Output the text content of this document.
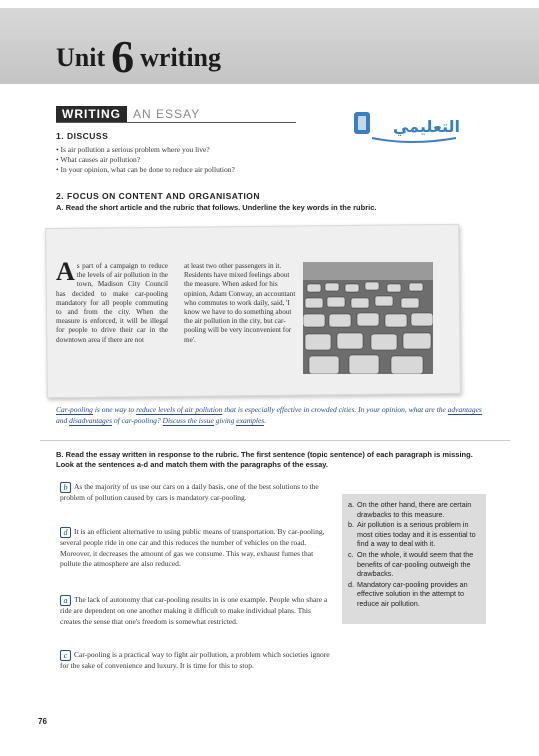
Unit 6 writing
WRITING	AN ESSAY
التعليمي
1. DISCUSS
• Is air pollution a serious problem where you live?
• What causes air pollution?
• In your opinion, what can be done to reduce air pollution?
2. FOCUS ON CONTENT AND ORGANISATION
A. Read the short article and the rubric that follows. Underline the key words in the rubric.
As part of a campaign to reduce the levels of air pollution in the town, Madison City Council has decided to make car-pooling mandatory for all people commuting to and from the city. When the measure is enforced, it will be illegal for people to drive their car in the downtown area if there are not
at least two other passengers in it. Residents have mixed feelings about the measure. When asked for his opinion, Adam Conway, an accountant who commutes to work daily, said, 'I know we have to do something about the air pollution in the city, but car-pooling will be very inconvenient for me'.
Car-pooling is one way to reduce levels of air pollution that is especially effective in crowded cities. In your opinion, what are the advantages and disadvantages of car-pooling? Discuss the issue giving examples.
B. Read the essay written in response to the rubric. The first sentence (topic sentence) of each paragraph is missing. Look at the sentences a-d and match them with the paragraphs of the essay.
b As the majority of us use our cars on a daily basis, one of the best solutions to the problem of pollution caused by cars is mandatory car-pooling.
d It is an efficient alternative to using public means of transportation. By car-pooling, several people ride in one car and this reduces the number of vehicles on the road. Moreover, it decreases the amount of gas we consume. This way, exhaust fumes that pollute the atmosphere are also reduced.
a The lack of autonomy that car-pooling results in is one example. People who share a ride are dependent on one another making it difficult to make individual plans. This creates the sense that one's freedom is somewhat restricted.
c Car-pooling is a practical way to fight air pollution, a problem which societies ignore for the sake of convenience and luxury. It is time for this to stop.
a. On the other hand, there are certain drawbacks to this measure.
b. Air pollution is a serious problem in most cities today and it is essential to find a way to deal with it.
c. On the whole, it would seem that the benefits of car-pooling outweigh the drawbacks.
d. Mandatory car-pooling provides an effective solution in the attempt to reduce air pollution.
76
